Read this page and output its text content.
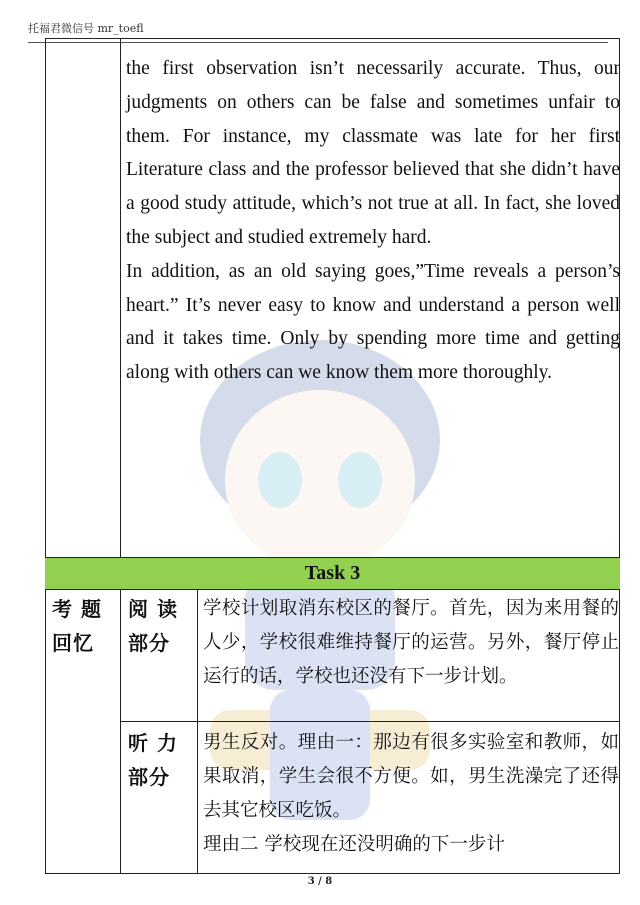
托福君微信号 mr_toefl

the first observation isn’t necessarily accurate. Thus, our judgments on others can be false and sometimes unfair to them. For instance, my classmate was late for her first Literature class and the professor believed that she didn’t have a good study attitude, which’s not true at all. In fact, she loved the subject and studied extremely hard.

In addition, as an old saying goes,”Time reveals a person’s heart.” It’s never easy to know and understand a person well and it takes time. Only by spending more time and getting along with others can we know them more thoroughly.

Task 3
考 题
回忆
阅 读
部分
听 力
部分

学校计划取消东校区的餐厅。首先，因为来用餐的人少，学校很难维持餐厅的运营。另外，餐厅停止运行的话，学校也还没有下一步计划。

男生反对。理由一：那边有很多实验室和教师，如果取消，学生会很不方便。如，男生洗澡完了还得去其它校区吃饭。

理由二 学校现在还没明确的下一步计

3 / 8
